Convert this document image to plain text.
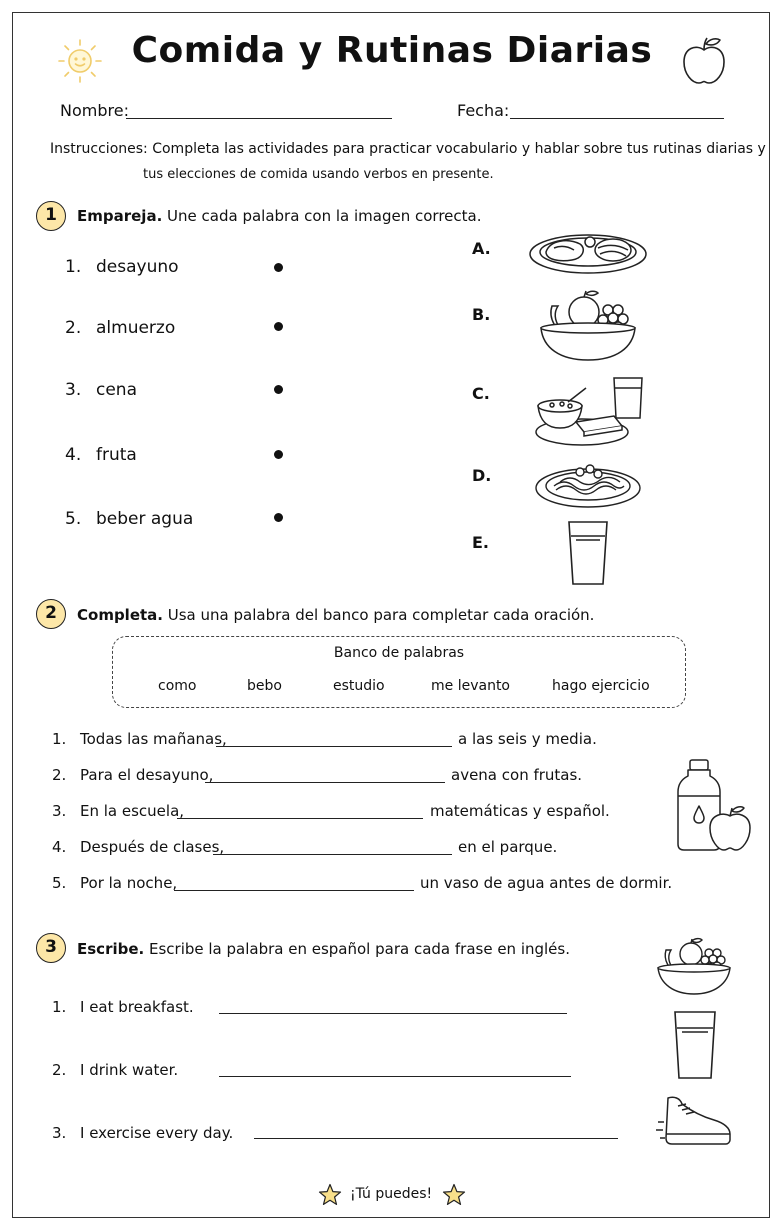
Comida y Rutinas Diarias
Nombre:	Fecha:
Instrucciones: Completa las actividades para practicar vocabulario y hablar sobre tus rutinas diarias y
tus elecciones de comida usando verbos en presente.
1	Empareja. Une cada palabra con la imagen correcta.
1. desayuno
2. almuerzo
3. cena
4. fruta
5. beber agua
A.
B.
C.
D.
E.
2	Completa. Usa una palabra del banco para completar cada oración.
Banco de palabras
como	bebo	estudio	me levanto	hago ejercicio
1. Todas las mañanas,	a las seis y media.
2. Para el desayuno,	avena con frutas.
3. En la escuela,	matemáticas y español.
4. Después de clases,	en el parque.
5. Por la noche,	un vaso de agua antes de dormir.
3	Escribe. Escribe la palabra en español para cada frase en inglés.
1. I eat breakfast.
2. I drink water.
3. I exercise every day.
¡Tú puedes!
